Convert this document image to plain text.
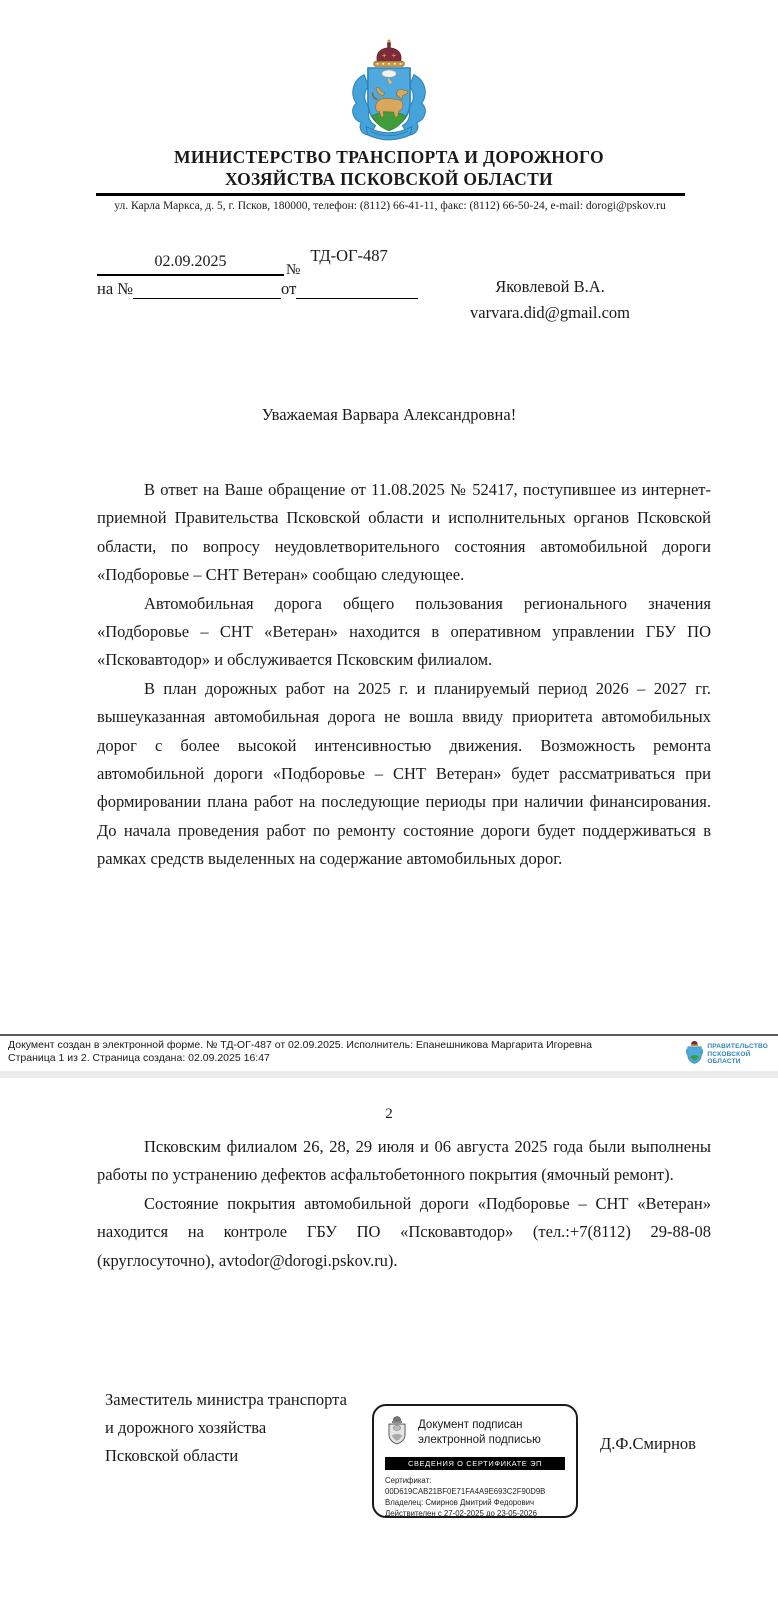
МИНИСТЕРСТВО ТРАНСПОРТА И ДОРОЖНОГО
ХОЗЯЙСТВА ПСКОВСКОЙ ОБЛАСТИ
ул. Карла Маркса, д. 5, г. Псков, 180000, телефон: (8112) 66-41-11, факс: (8112) 66-50-24, e-mail: dorogi@pskov.ru
02.09.2025	№
ТД-ОГ-487
на №	от	Яковлевой В.А.
varvara.did@gmail.com
Уважаемая Варвара Александровна!

В ответ на Ваше обращение от 11.08.2025 № 52417, поступившее из интернет-приемной Правительства Псковской области и исполнительных органов Псковской области, по вопросу неудовлетворительного состояния автомобильной дороги «Подборовье – СНТ Ветеран» сообщаю следующее.

Автомобильная дорога общего пользования регионального значения «Подборовье – СНТ «Ветеран» находится в оперативном управлении ГБУ ПО «Псковавтодор» и обслуживается Псковским филиалом.

В план дорожных работ на 2025 г. и планируемый период 2026 – 2027 гг. вышеуказанная автомобильная дорога не вошла ввиду приоритета автомобильных дорог с более высокой интенсивностью движения. Возможность ремонта автомобильной дороги «Подборовье – СНТ Ветеран» будет рассматриваться при формировании плана работ на последующие периоды при наличии финансирования. До начала проведения работ по ремонту состояние дороги будет поддерживаться в рамках средств выделенных на содержание автомобильных дорог.

Документ создан в электронной форме. № ТД-ОГ-487 от 02.09.2025. Исполнитель: Епанешникова Маргарита Игоревна
Страница 1 из 2. Страница создана: 02.09.2025 16:47
ПРАВИТЕЛЬСТВО
ПСКОВСКОЙ
ОБЛАСТИ
2

Псковским филиалом 26, 28, 29 июля и 06 августа 2025 года были выполнены работы по устранению дефектов асфальтобетонного покрытия (ямочный ремонт).

Состояние покрытия автомобильной дороги «Подборовье – СНТ «Ветеран» находится на контроле ГБУ ПО «Псковавтодор» (тел.:+7(8112) 29-88-08 (круглосуточно), avtodor@dorogi.pskov.ru).

Заместитель министра транспорта
и дорожного хозяйства
Псковской области
Документ подписан
электронной подписью
СВЕДЕНИЯ О СЕРТИФИКАТЕ ЭП
Сертификат: 00D619CAB21BF0E71FA4A9E693C2F90D9B
Владелец: Смирнов Дмитрий Федорович
Действителен с 27-02-2025 до 23-05-2026
Д.Ф.Смирнов
